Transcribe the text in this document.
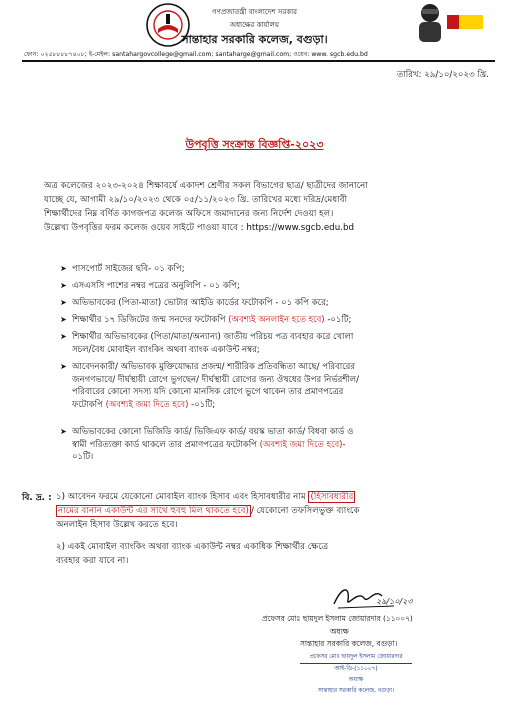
গণপ্রজাতন্ত্রী বাংলাদেশ সরকার
অধ্যক্ষের কার্যালয়
সান্তাহার সরকারি কলেজ, বগুড়া।
ফোন: ০২৫৮৮৮৮৭৪০৮; ই-মেইল: santahargovcollege@gmail.com; santaharge@gmail.com; ওয়েব: www. sgcb.edu.bd
তারিখ: ২৯/১০/২০২৩ খ্রি.
উপবৃত্তি সংক্রান্ত বিজ্ঞপ্তি-২০২৩
অত্র কলেজের ২০২৩-২০২৪ শিক্ষাবর্ষে একাদশ শ্রেণীর সকল বিভাগের ছাত্র/ ছাত্রীদের জানানো
যাচ্ছে যে, আগামী ২৯/১০/২০২৩ থেকে ০৫/১১/২০২৩ খ্রি. তারিখের মধ্যে দরিদ্র/মেধাবী
শিক্ষার্থীদের নিম্ন বর্ণিত কাগজপত্র কলেজ অফিসে জমাদানের জন্য নির্দেশ দেওয়া হল।
উল্লেখ্য উপবৃত্তির ফরম কলেজ ওয়েব সাইটে পাওয়া যাবে : https://www.sgcb.edu.bd
➤ পাসপোর্ট সাইজের ছবি- ০১ কপি;
➤ এসএসসি পাশের নম্বর পত্রের অনুলিপি - ০১ কপি;
➤ অভিভাবকের (পিতা-মাতা) ভোটার আইডি কার্ডের ফটোকপি - ০১ কপি করে;
➤ শিক্ষার্থীর ১৭ ডিজিটের জন্ম সনদের ফটোকপি (অবশ্যই অনলাইন হতে হবে) -০১টি;
➤ শিক্ষার্থীর অভিভাবকের (পিতা/মাতা/অন্যান্য) জাতীয় পরিচয় পত্র ব্যবহার করে খোলা
সচল/বৈধ মোবাইল ব্যাংকিং অথবা ব্যাংক একাউন্ট নম্বর;
➤ আবেদনকারী/ অভিভাবক মুক্তিযোদ্ধার প্রজন্ম/ শারীরিক প্রতিবন্ধিতা আছে/ পরিবারের
জনগণভাবে/ দীর্ঘস্থায়ী রোগে ভুগছেন/ দীর্ঘস্থায়ী রোগের জন্য ঔষধের উপর নির্ভরশীল/
পরিবারের কোনো সদস্য যদি কোনো মানসিক রোগে ভুগে থাকেন তার প্রমাণপত্রের
ফটোকপি (অবশ্যই জমা দিতে হবে) -০১টি;
➤ অভিভাবকের কোনো ভিজিডি কার্ড/ ভিজিএফ কার্ড/ বয়স্ক ভাতা কার্ড/ বিধবা কার্ড ও
স্বামী পরিত্যক্তা কার্ড থাকলে তার প্রমাণপত্রের ফটোকপি (অবশ্যই জমা দিতে হবে)-
০১টি।
বি. দ্র. : ১) আবেদন ফরমে যেকোনো মোবাইল ব্যাংক হিসাব এবং হিসাবধারীর নাম (হিসাবধারীর
নামের বানান একাউন্ট এর সাথে হুবহু মিল থাকতে হবে) / যেকোনো তফসিলভুক্ত ব্যাংকে
অনলাইন হিসাব উল্লেখ করতে হবে।
২) একই মোবাইল ব্যাংকিং অথবা ব্যাংক একাউন্ট নম্বর একাধিক শিক্ষার্থীর ক্ষেত্রে
ব্যবহার করা যাবে না।
২৯/১০/২৩
প্রফেসর মোঃ ছায়দুল ইসলাম জোয়ারদার (১১০০৭)
অধ্যক্ষ
সান্তাহার সরকারি কলেজ, বগুড়া।
প্রফেসর মোঃ ছায়দুল ইসলাম জোয়ারদার
আই-ডি-(১১০০৭)
অধ্যক্ষ
সান্তাহার সরকারি কলেজ, বগুড়া।
